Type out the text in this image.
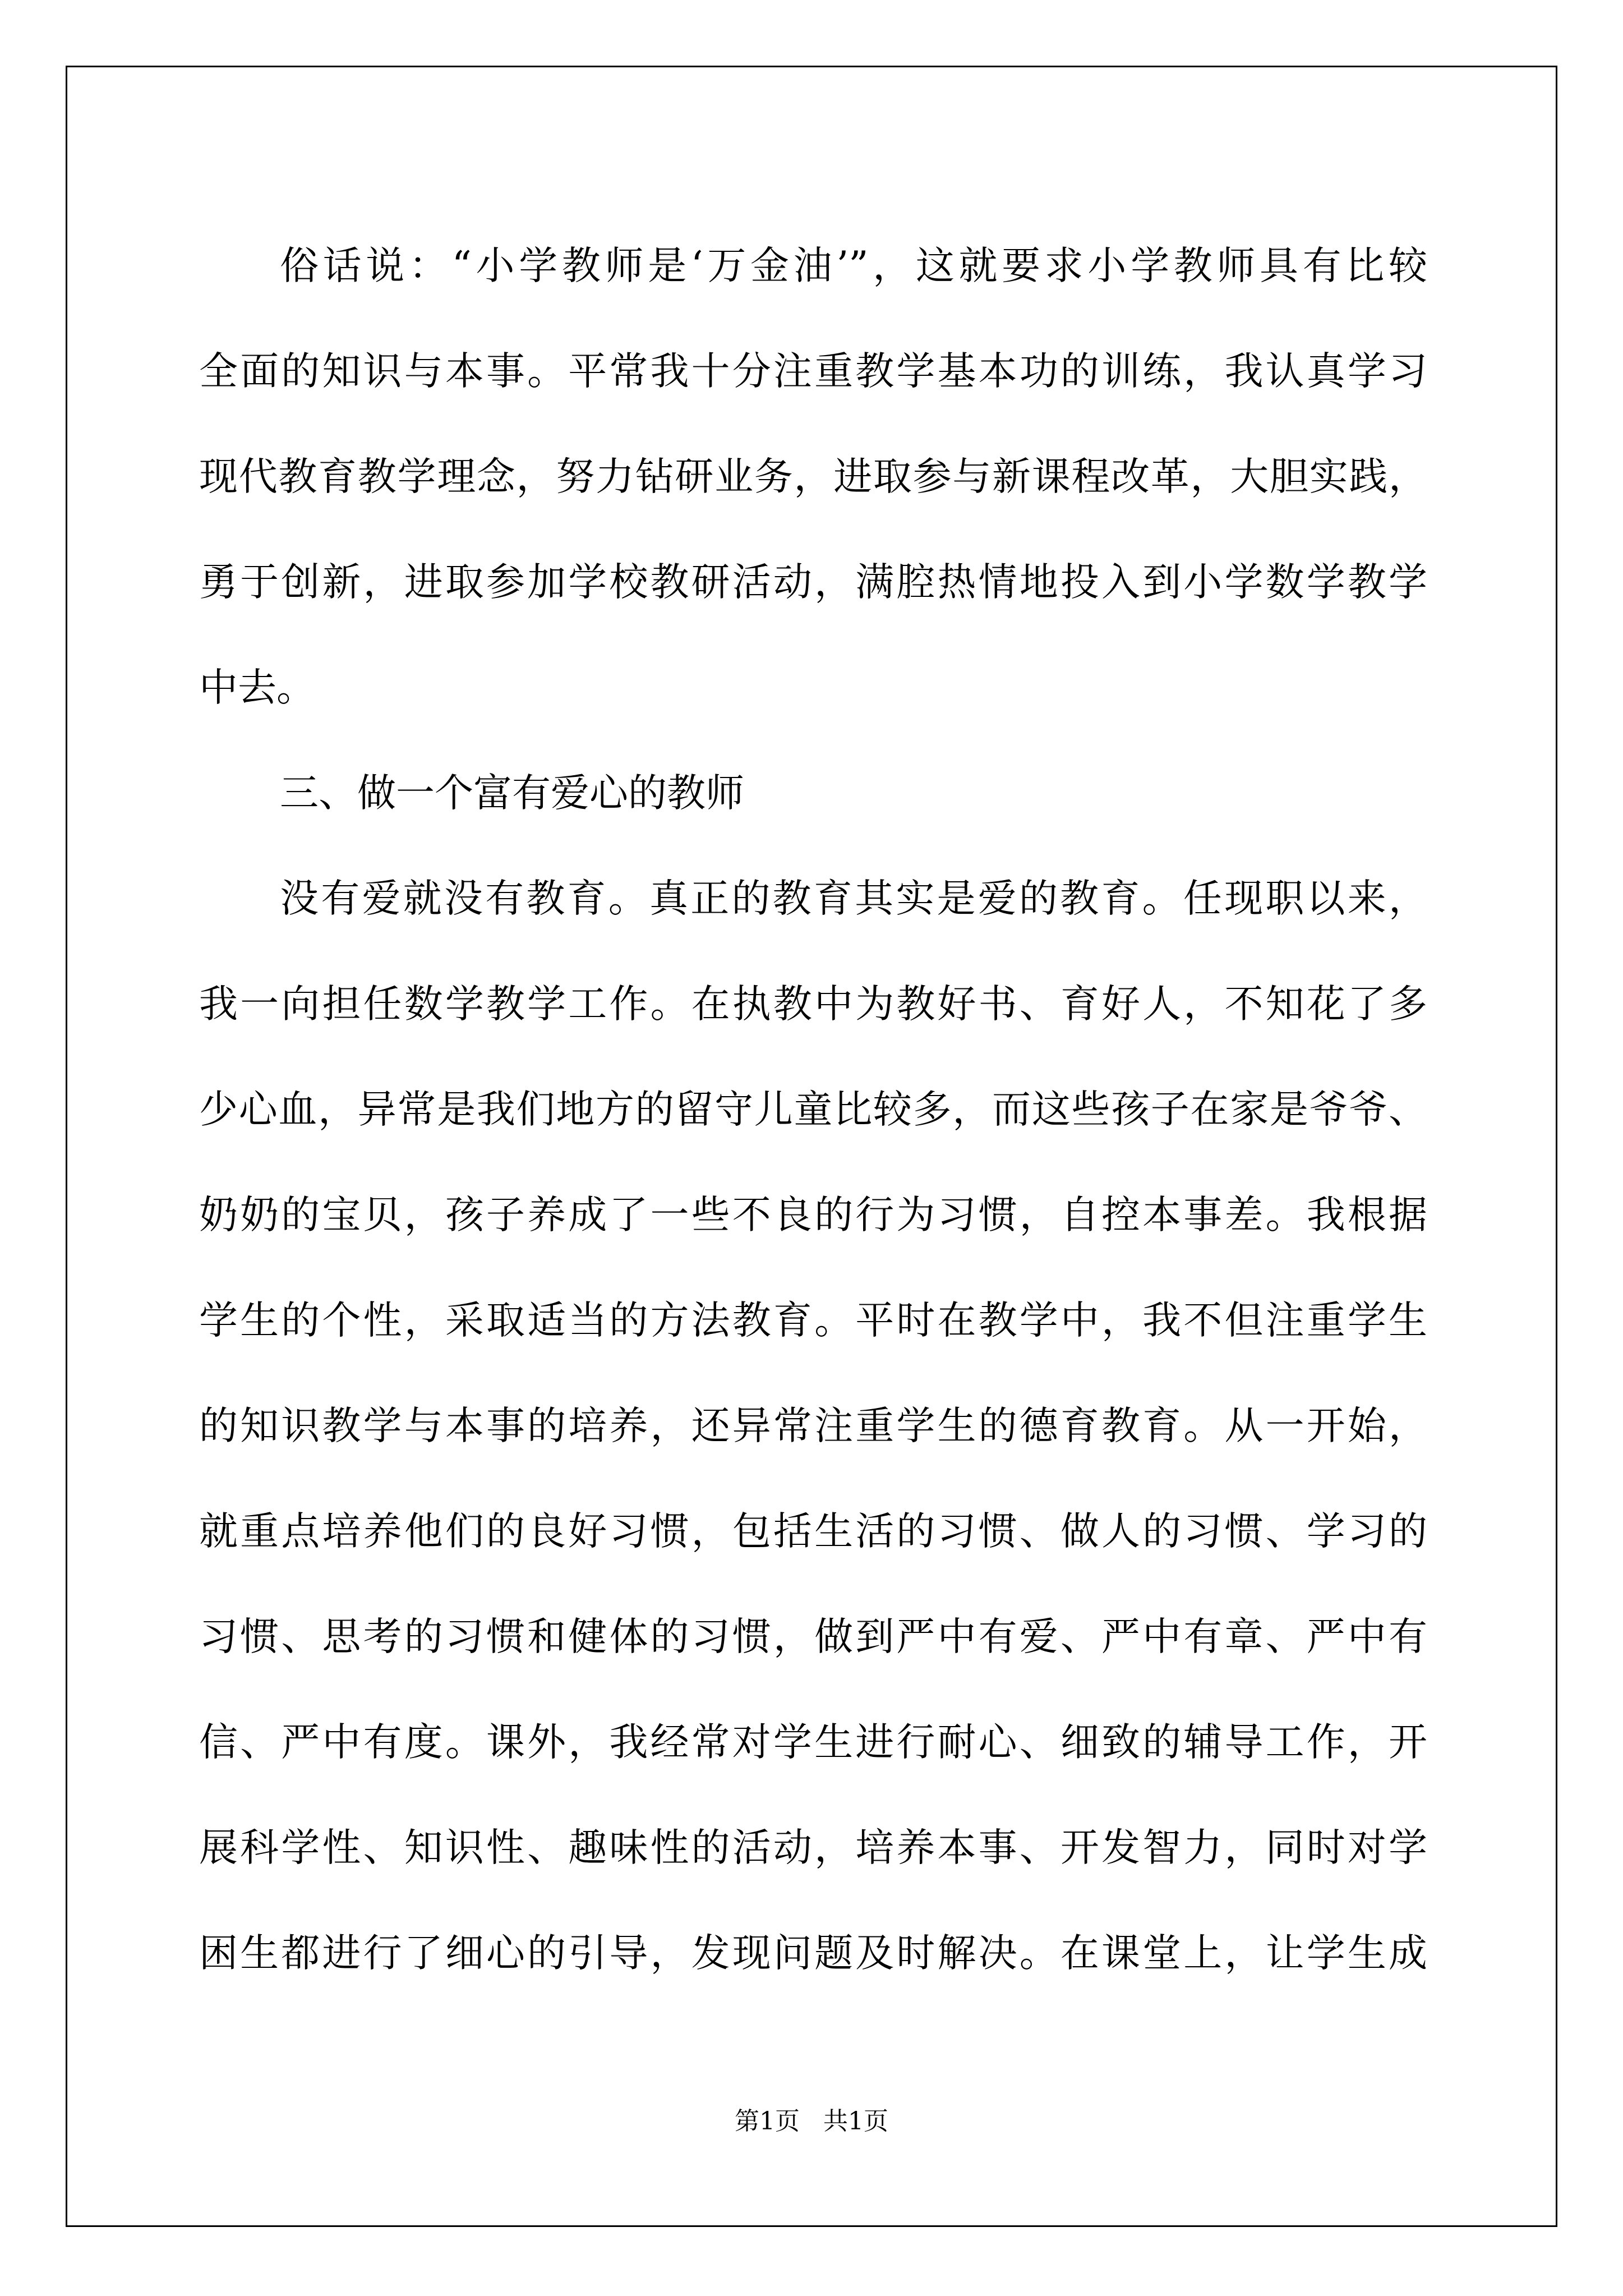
俗话说：“小学教师是‘万金油’”，这就要求小学教师具有比较
全面的知识与本事。平常我十分注重教学基本功的训练，我认真学习
现代教育教学理念，努力钻研业务，进取参与新课程改革，大胆实践，
勇于创新，进取参加学校教研活动，满腔热情地投入到小学数学教学
中去。
三、做一个富有爱心的教师
没有爱就没有教育。真正的教育其实是爱的教育。任现职以来，
我一向担任数学教学工作。在执教中为教好书、育好人，不知花了多
少心血，异常是我们地方的留守儿童比较多，而这些孩子在家是爷爷、
奶奶的宝贝，孩子养成了一些不良的行为习惯，自控本事差。我根据
学生的个性，采取适当的方法教育。平时在教学中，我不但注重学生
的知识教学与本事的培养，还异常注重学生的德育教育。从一开始，
就重点培养他们的良好习惯，包括生活的习惯、做人的习惯、学习的
习惯、思考的习惯和健体的习惯，做到严中有爱、严中有章、严中有
信、严中有度。课外，我经常对学生进行耐心、细致的辅导工作，开
展科学性、知识性、趣味性的活动，培养本事、开发智力，同时对学
困生都进行了细心的引导，发现问题及时解决。在课堂上，让学生成
第1页   共1页
